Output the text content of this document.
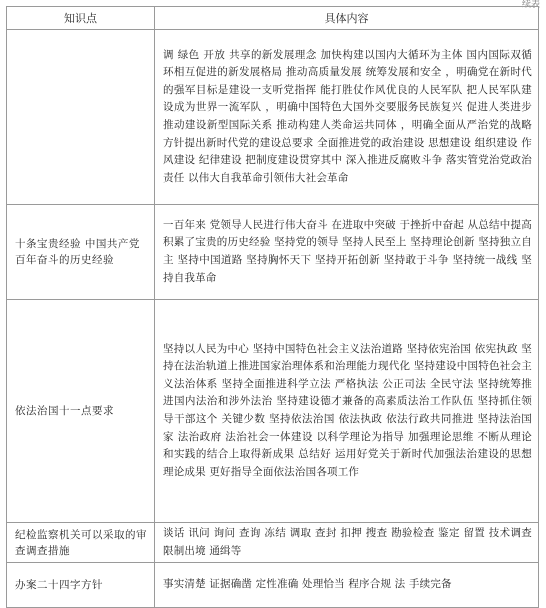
续表
知识点	具体内容
	调 绿色 开放 共享的新发展理念 加快构建以国内大循环为主体 国内国际双循环相互促进的新发展格局 推动高质量发展 统筹发展和安全 ，明确党在新时代的强军目标是建设一支听党指挥 能打胜仗作风优良的人民军队 把人民军队建设成为世界一流军队 ，明确中国特色大国外交要服务民族复兴 促进人类进步 推动建设新型国际关系 推动构建人类命运共同体 ，明确全面从严治党的战略方针提出新时代党的建设总要求 全面推进党的政治建设 思想建设 组织建设 作风建设 纪律建设 把制度建设贯穿其中 深入推进反腐败斗争 落实管党治党政治责任 以伟大自我革命引领伟大社会革命
十条宝贵经验 中国共产党百年奋斗的历史经验	一百年来 党领导人民进行伟大奋斗 在进取中突破 于挫折中奋起 从总结中提高 积累了宝贵的历史经验 坚持党的领导 坚持人民至上 坚持理论创新 坚持独立自主 坚持中国道路 坚持胸怀天下 坚持开拓创新 坚持敢于斗争 坚持统一战线 坚持自我革命
依法治国十一点要求	坚持以人民为中心 坚持中国特色社会主义法治道路 坚持依宪治国 依宪执政 坚持在法治轨道上推进国家治理体系和治理能力现代化 坚持建设中国特色社会主义法治体系 坚持全面推进科学立法 严格执法 公正司法 全民守法 坚持统筹推进国内法治和涉外法治 坚持建设德才兼备的高素质法治工作队伍 坚持抓住领导干部这个 关键少数 坚持依法治国 依法执政 依法行政共同推进 坚持法治国家 法治政府 法治社会一体建设 以科学理论为指导 加强理论思维 不断从理论和实践的结合上取得新成果 总结好 运用好党关于新时代加强法治建设的思想理论成果 更好指导全面依法治国各项工作
纪检监察机关可以采取的审查调查措施	谈话 讯问 询问 查询 冻结 调取 查封 扣押 搜查 勘验检查 鉴定 留置 技术调查 限制出境 通缉等
办案二十四字方针	事实清楚 证据确凿 定性准确 处理恰当 程序合规 法 手续完备
